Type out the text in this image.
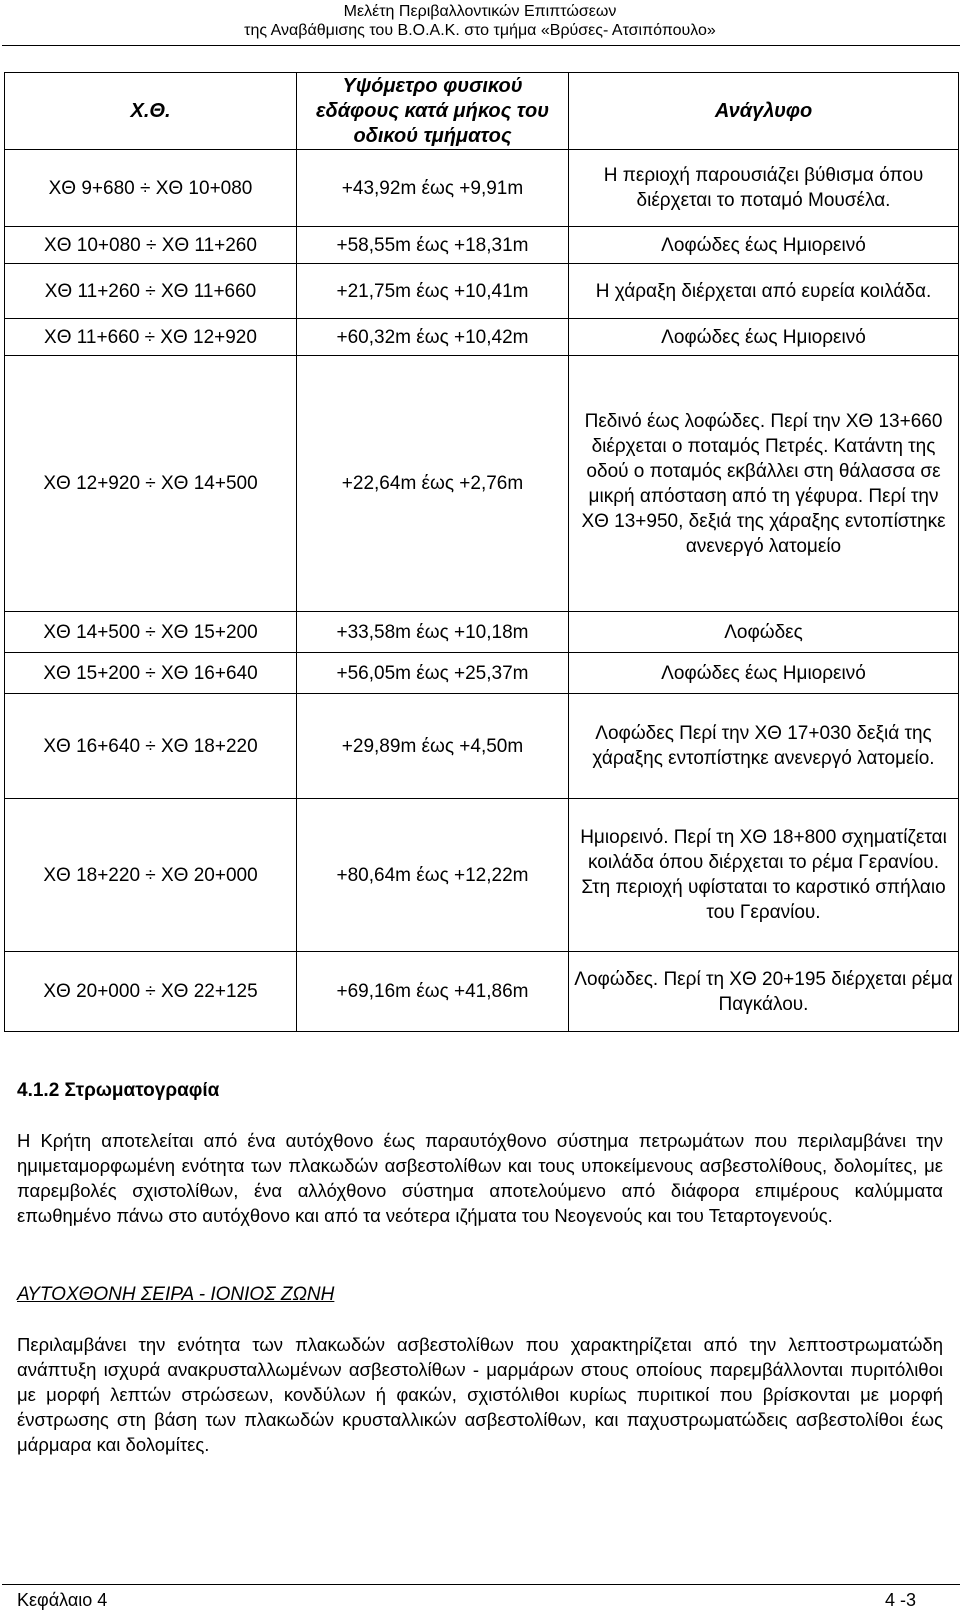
Μελέτη Περιβαλλοντικών Επιπτώσεων
της Αναβάθμισης του Β.Ο.Α.Κ. στο τμήμα «Βρύσες- Ατσιπόπουλο»
Χ.Θ.	Υψόμετρο φυσικού εδάφους κατά μήκος του οδικού τμήματος	Ανάγλυφο
ΧΘ 9+680 ÷ ΧΘ 10+080	+43,92m έως +9,91m	Η περιοχή παρουσιάζει βύθισμα όπου διέρχεται το ποταμό Μουσέλα.
ΧΘ 10+080 ÷ ΧΘ 11+260	+58,55m έως +18,31m	Λοφώδες έως Ημιορεινό
ΧΘ 11+260 ÷ ΧΘ 11+660	+21,75m έως +10,41m	Η χάραξη διέρχεται από ευρεία κοιλάδα.
ΧΘ 11+660 ÷ ΧΘ 12+920	+60,32m έως +10,42m	Λοφώδες έως Ημιορεινό
ΧΘ 12+920 ÷ ΧΘ 14+500	+22,64m έως +2,76m	Πεδινό έως λοφώδες. Περί την ΧΘ 13+660 διέρχεται ο ποταμός Πετρές. Κατάντη της οδού ο ποταμός εκβάλλει στη θάλασσα σε μικρή απόσταση από τη γέφυρα. Περί την ΧΘ 13+950, δεξιά της χάραξης εντοπίστηκε ανενεργό λατομείο
ΧΘ 14+500 ÷ ΧΘ 15+200	+33,58m έως +10,18m	Λοφώδες
ΧΘ 15+200 ÷ ΧΘ 16+640	+56,05m έως +25,37m	Λοφώδες έως Ημιορεινό
ΧΘ 16+640 ÷ ΧΘ 18+220	+29,89m έως +4,50m	Λοφώδες Περί την ΧΘ 17+030 δεξιά της χάραξης εντοπίστηκε ανενεργό λατομείο.
ΧΘ 18+220 ÷ ΧΘ 20+000	+80,64m έως +12,22m	Ημιορεινό. Περί τη ΧΘ 18+800 σχηματίζεται κοιλάδα όπου διέρχεται το ρέμα Γερανίου. Στη περιοχή υφίσταται το καρστικό σπήλαιο του Γερανίου.
ΧΘ 20+000 ÷ ΧΘ 22+125	+69,16m έως +41,86m	Λοφώδες. Περί τη ΧΘ 20+195 διέρχεται ρέμα Παγκάλου.
4.1.2 Στρωματογραφία
Η Κρήτη αποτελείται από ένα αυτόχθονο έως παραυτόχθονο σύστημα πετρωμάτων που περιλαμβάνει την ημιμεταμορφωμένη ενότητα των πλακωδών ασβεστολίθων και τους υποκείμενους ασβεστολίθους, δολομίτες, με παρεμβολές σχιστολίθων, ένα αλλόχθονο σύστημα αποτελούμενο από διάφορα επιμέρους καλύμματα επωθημένο πάνω στο αυτόχθονο και από τα νεότερα ιζήματα του Νεογενούς και του Τεταρτογενούς.
ΑΥΤΟΧΘΟΝΗ ΣΕΙΡΑ - ΙΟΝΙΟΣ ΖΩΝΗ
Περιλαμβάνει την ενότητα των πλακωδών ασβεστολίθων που χαρακτηρίζεται από την λεπτοστρωματώδη ανάπτυξη ισχυρά ανακρυσταλλωμένων ασβεστολίθων - μαρμάρων στους οποίους παρεμβάλλονται πυριτόλιθοι με μορφή λεπτών στρώσεων, κονδύλων ή φακών, σχιστόλιθοι κυρίως πυριτικοί που βρίσκονται με μορφή ένστρωσης στη βάση των πλακωδών κρυσταλλικών ασβεστολίθων, και παχυστρωματώδεις ασβεστολίθοι έως μάρμαρα και δολομίτες.
Κεφάλαιο 4	4 -3
